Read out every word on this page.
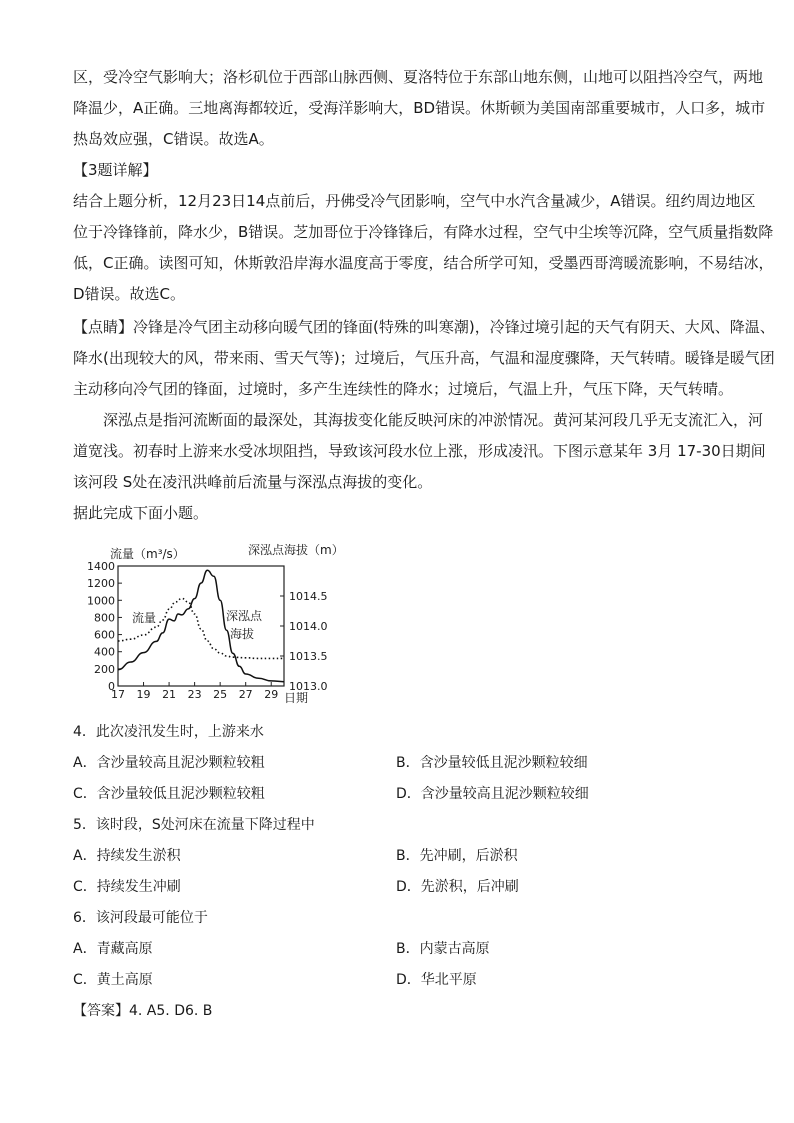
区，受冷空气影响大；洛杉矶位于西部山脉西侧、夏洛特位于东部山地东侧，山地可以阻挡冷空气，两地
降温少，A正确。三地离海都较近，受海洋影响大，BD错误。休斯顿为美国南部重要城市，人口多，城市
热岛效应强，C错误。故选A。
【3题详解】
结合上题分析，12月23日14点前后，丹佛受冷气团影响，空气中水汽含量减少，A错误。纽约周边地区
位于冷锋锋前，降水少，B错误。芝加哥位于冷锋锋后，有降水过程，空气中尘埃等沉降，空气质量指数降
低，C正确。读图可知，休斯敦沿岸海水温度高于零度，结合所学可知，受墨西哥湾暖流影响，不易结冰，
D错误。故选C。
【点睛】冷锋是冷气团主动移向暖气团的锋面(特殊的叫寒潮)，冷锋过境引起的天气有阴天、大风、降温、
降水(出现较大的风，带来雨、雪天气等)；过境后，气压升高，气温和湿度骤降，天气转晴。暖锋是暖气团
主动移向冷气团的锋面，过境时，多产生连续性的降水；过境后，气温上升，气压下降，天气转晴。
深泓点是指河流断面的最深处，其海拔变化能反映河床的冲淤情况。黄河某河段几乎无支流汇入，河
道宽浅。初春时上游来水受冰坝阻挡，导致该河段水位上涨，形成凌汛。下图示意某年 3月 17-30日期间
该河段 S处在凌汛洪峰前后流量与深泓点海拔的变化。
据此完成下面小题。
17 19 21 23 25 27 29
1400
1200
1000
800
600
400
200
0
1014.5
1014.0
1013.5
1013.0
流量（m³/s）	深泓点海拔（m）
日期
流量	深泓点
海拔
4．此次凌汛发生时，上游来水
A．含沙量较高且泥沙颗粒较粗	B．含沙量较低且泥沙颗粒较细
C．含沙量较低且泥沙颗粒较粗	D．含沙量较高且泥沙颗粒较细
5．该时段，S处河床在流量下降过程中
A．持续发生淤积	B．先冲刷，后淤积
C．持续发生冲刷	D．先淤积，后冲刷
6．该河段最可能位于
A．青藏高原	B．内蒙古高原
C．黄土高原	D．华北平原
【答案】4. A5. D6. B
